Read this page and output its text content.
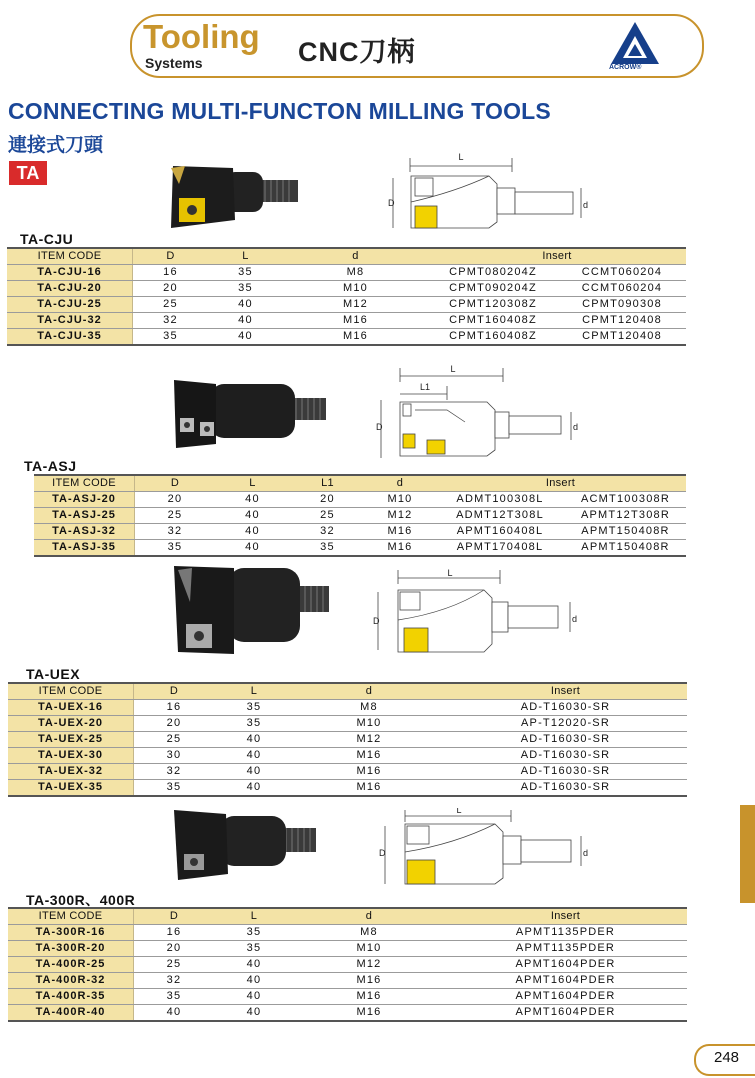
Tooling
Systems	CNC刀柄
ACROW®
CONNECTING MULTI-FUNCTON MILLING TOOLS
連接式刀頭
TA
L
D	d
TA-CJU
ITEM CODE	D	L	d	Insert	
TA-CJU-16	16	35	M8	CPMT080204Z	CCMT060204
TA-CJU-20	20	35	M10	CPMT090204Z	CCMT060204
TA-CJU-25	25	40	M12	CPMT120308Z	CPMT090308
TA-CJU-32	32	40	M16	CPMT160408Z	CPMT120408
TA-CJU-35	35	40	M16	CPMT160408Z	CPMT120408
L
L1
D	d
TA-ASJ
ITEM CODE	D	L	L1	d	Insert	
TA-ASJ-20	20	40	20	M10	ADMT100308L	ACMT100308R
TA-ASJ-25	25	40	25	M12	ADMT12T308L	APMT12T308R
TA-ASJ-32	32	40	32	M16	APMT160408L	APMT150408R
TA-ASJ-35	35	40	35	M16	APMT170408L	APMT150408R
L
D	d
TA-UEX
ITEM CODE	D	L	d	Insert
TA-UEX-16	16	35	M8	AD-T16030-SR
TA-UEX-20	20	35	M10	AP-T12020-SR
TA-UEX-25	25	40	M12	AD-T16030-SR
TA-UEX-30	30	40	M16	AD-T16030-SR
TA-UEX-32	32	40	M16	AD-T16030-SR
TA-UEX-35	35	40	M16	AD-T16030-SR
L
D	d
TA-300R、400R
ITEM CODE	D	L	d	Insert
TA-300R-16	16	35	M8	APMT1135PDER
TA-300R-20	20	35	M10	APMT1135PDER
TA-400R-25	25	40	M12	APMT1604PDER
TA-400R-32	32	40	M16	APMT1604PDER
TA-400R-35	35	40	M16	APMT1604PDER
TA-400R-40	40	40	M16	APMT1604PDER
248
